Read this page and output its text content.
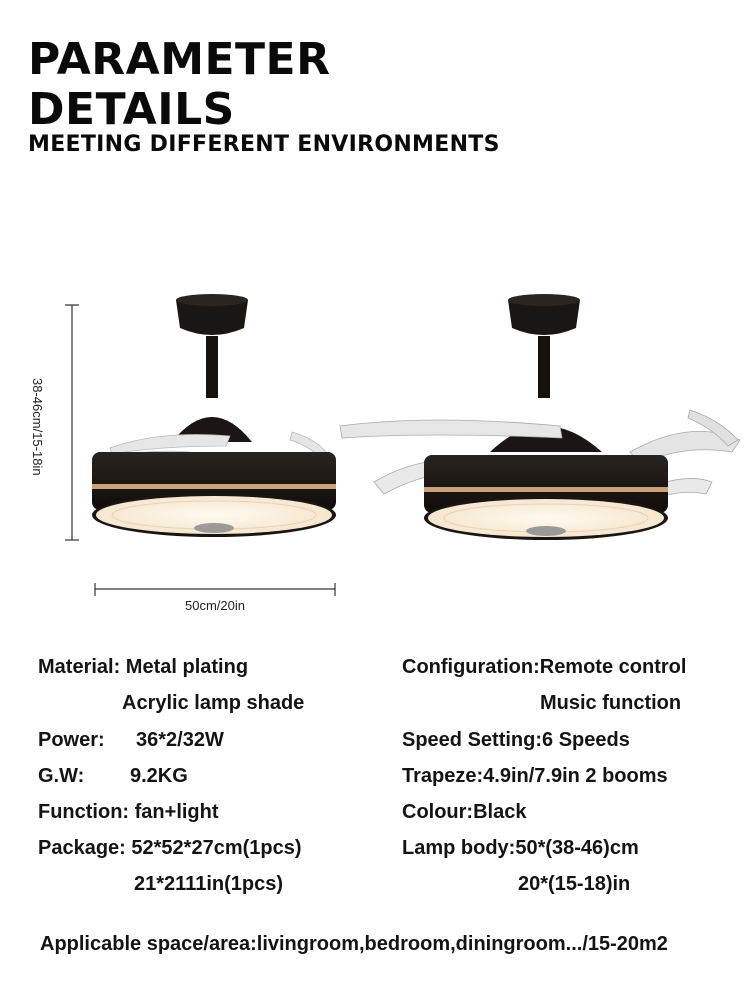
PARAMETER
DETAILS
MEETING DIFFERENT ENVIRONMENTS
38-46cm/15-18in
50cm/20in
Material: Metal plating
Acrylic lamp shade
Power: 36*2/32W
G.W: 9.2KG
Function: fan+light
Package: 52*52*27cm(1pcs)
21*2111in(1pcs)
Configuration:Remote control
Music function
Speed Setting:6 Speeds
Trapeze:4.9in/7.9in 2 booms
Colour:Black
Lamp body:50*(38-46)cm
20*(15-18)in
Applicable space/area:livingroom,bedroom,diningroom.../15-20m2
